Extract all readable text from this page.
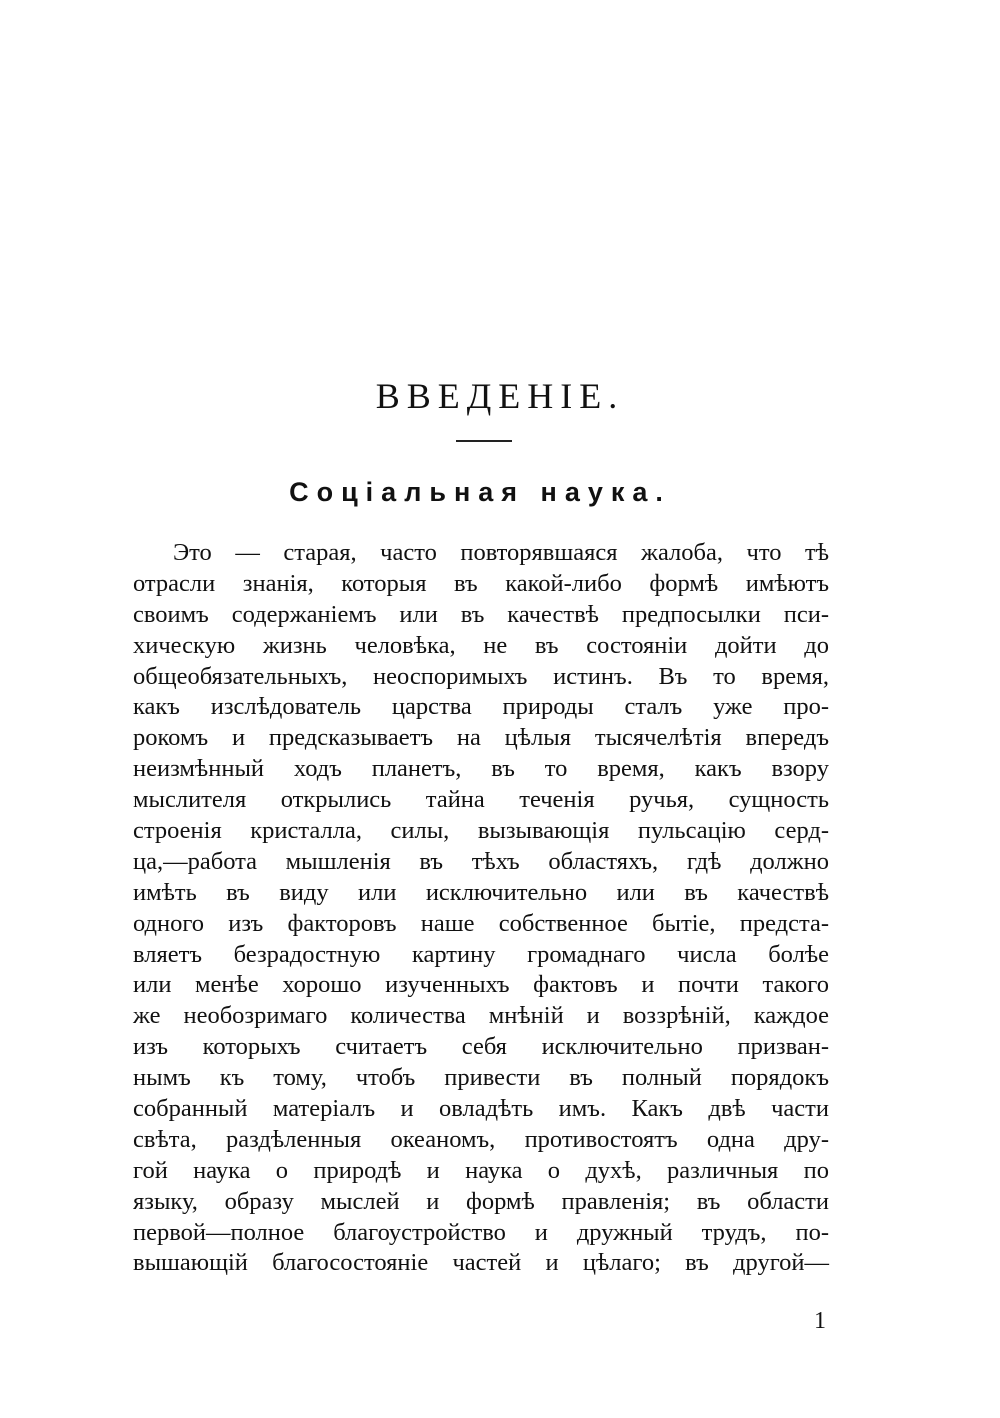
ВВЕДЕНІЕ.
Соціальная наука.
Это — старая, часто повторявшаяся жалоба, что тѣ
отрасли знанія, которыя въ какой-либо формѣ имѣютъ
своимъ содержаніемъ или въ качествѣ предпосылки пси-
хическую жизнь человѣка, не въ состояніи дойти до
общеобязательныхъ, неоспоримыхъ истинъ. Въ то время,
какъ изслѣдователь царства природы сталъ уже про-
рокомъ и предсказываетъ на цѣлыя тысячелѣтія впередъ
неизмѣнный ходъ планетъ, въ то время, какъ взору
мыслителя открылись тайна теченія ручья, сущность
строенія кристалла, силы, вызывающія пульсацію серд-
ца,—работа мышленія въ тѣхъ областяхъ, гдѣ должно
имѣть въ виду или исключительно или въ качествѣ
одного изъ факторовъ наше собственное бытіе, предста-
вляетъ безрадостную картину громаднаго числа болѣе
или менѣе хорошо изученныхъ фактовъ и почти такого
же необозримаго количества мнѣній и воззрѣній, каждое
изъ которыхъ считаетъ себя исключительно призван-
нымъ къ тому, чтобъ привести въ полный порядокъ
собранный матеріалъ и овладѣть имъ. Какъ двѣ части
свѣта, раздѣленныя океаномъ, противостоятъ одна дру-
гой наука о природѣ и наука о духѣ, различныя по
языку, образу мыслей и формѣ правленія; въ области
первой—полное благоустройство и дружный трудъ, по-
вышающій благосостояніе частей и цѣлаго; въ другой—
1
